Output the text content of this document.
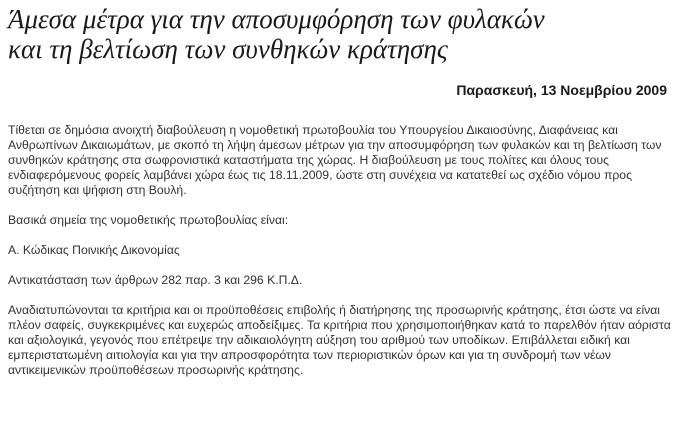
Άμεσα μέτρα για την αποσυμφόρηση των φυλακών
και τη βελτίωση των συνθηκών κράτησης
Παρασκευή, 13 Νοεμβρίου 2009

Τίθεται σε δημόσια ανοιχτή διαβούλευση η νομοθετική πρωτοβουλία του Υπουργείου Δικαιοσύνης, Διαφάνειας και Ανθρωπίνων Δικαιωμάτων, με σκοπό τη λήψη άμεσων μέτρων για την αποσυμφόρηση των φυλακών και τη βελτίωση των συνθηκών κράτησης στα σωφρονιστικά καταστήματα της χώρας. Η διαβούλευση με τους πολίτες και όλους τους ενδιαφερόμενους φορείς λαμβάνει χώρα έως τις 18.11.2009, ώστε στη συνέχεια να κατατεθεί ως σχέδιο νόμου προς συζήτηση και ψήφιση στη Βουλή.

Βασικά σημεία της νομοθετικής πρωτοβουλίας είναι:

Α. Κώδικας Ποινικής Δικονομίας

Αντικατάσταση των άρθρων 282 παρ. 3 και 296 Κ.Π.Δ.

Αναδιατυπώνονται τα κριτήρια και οι προϋποθέσεις επιβολής ή διατήρησης της προσωρινής κράτησης, έτσι ώστε να είναι πλέον σαφείς, συγκεκριμένες και ευχερώς αποδείξιμες. Τα κριτήρια που χρησιμοποιήθηκαν κατά το παρελθόν ήταν αόριστα και αξιολογικά, γεγονός που επέτρεψε την αδικαιολόγητη αύξηση του αριθμού των υποδίκων. Επιβάλλεται ειδική και εμπεριστατωμένη αιτιολογία και για την απροσφορότητα των περιοριστικών όρων και για τη συνδρομή των νέων αντικειμενικών προϋποθέσεων προσωρινής κράτησης.
